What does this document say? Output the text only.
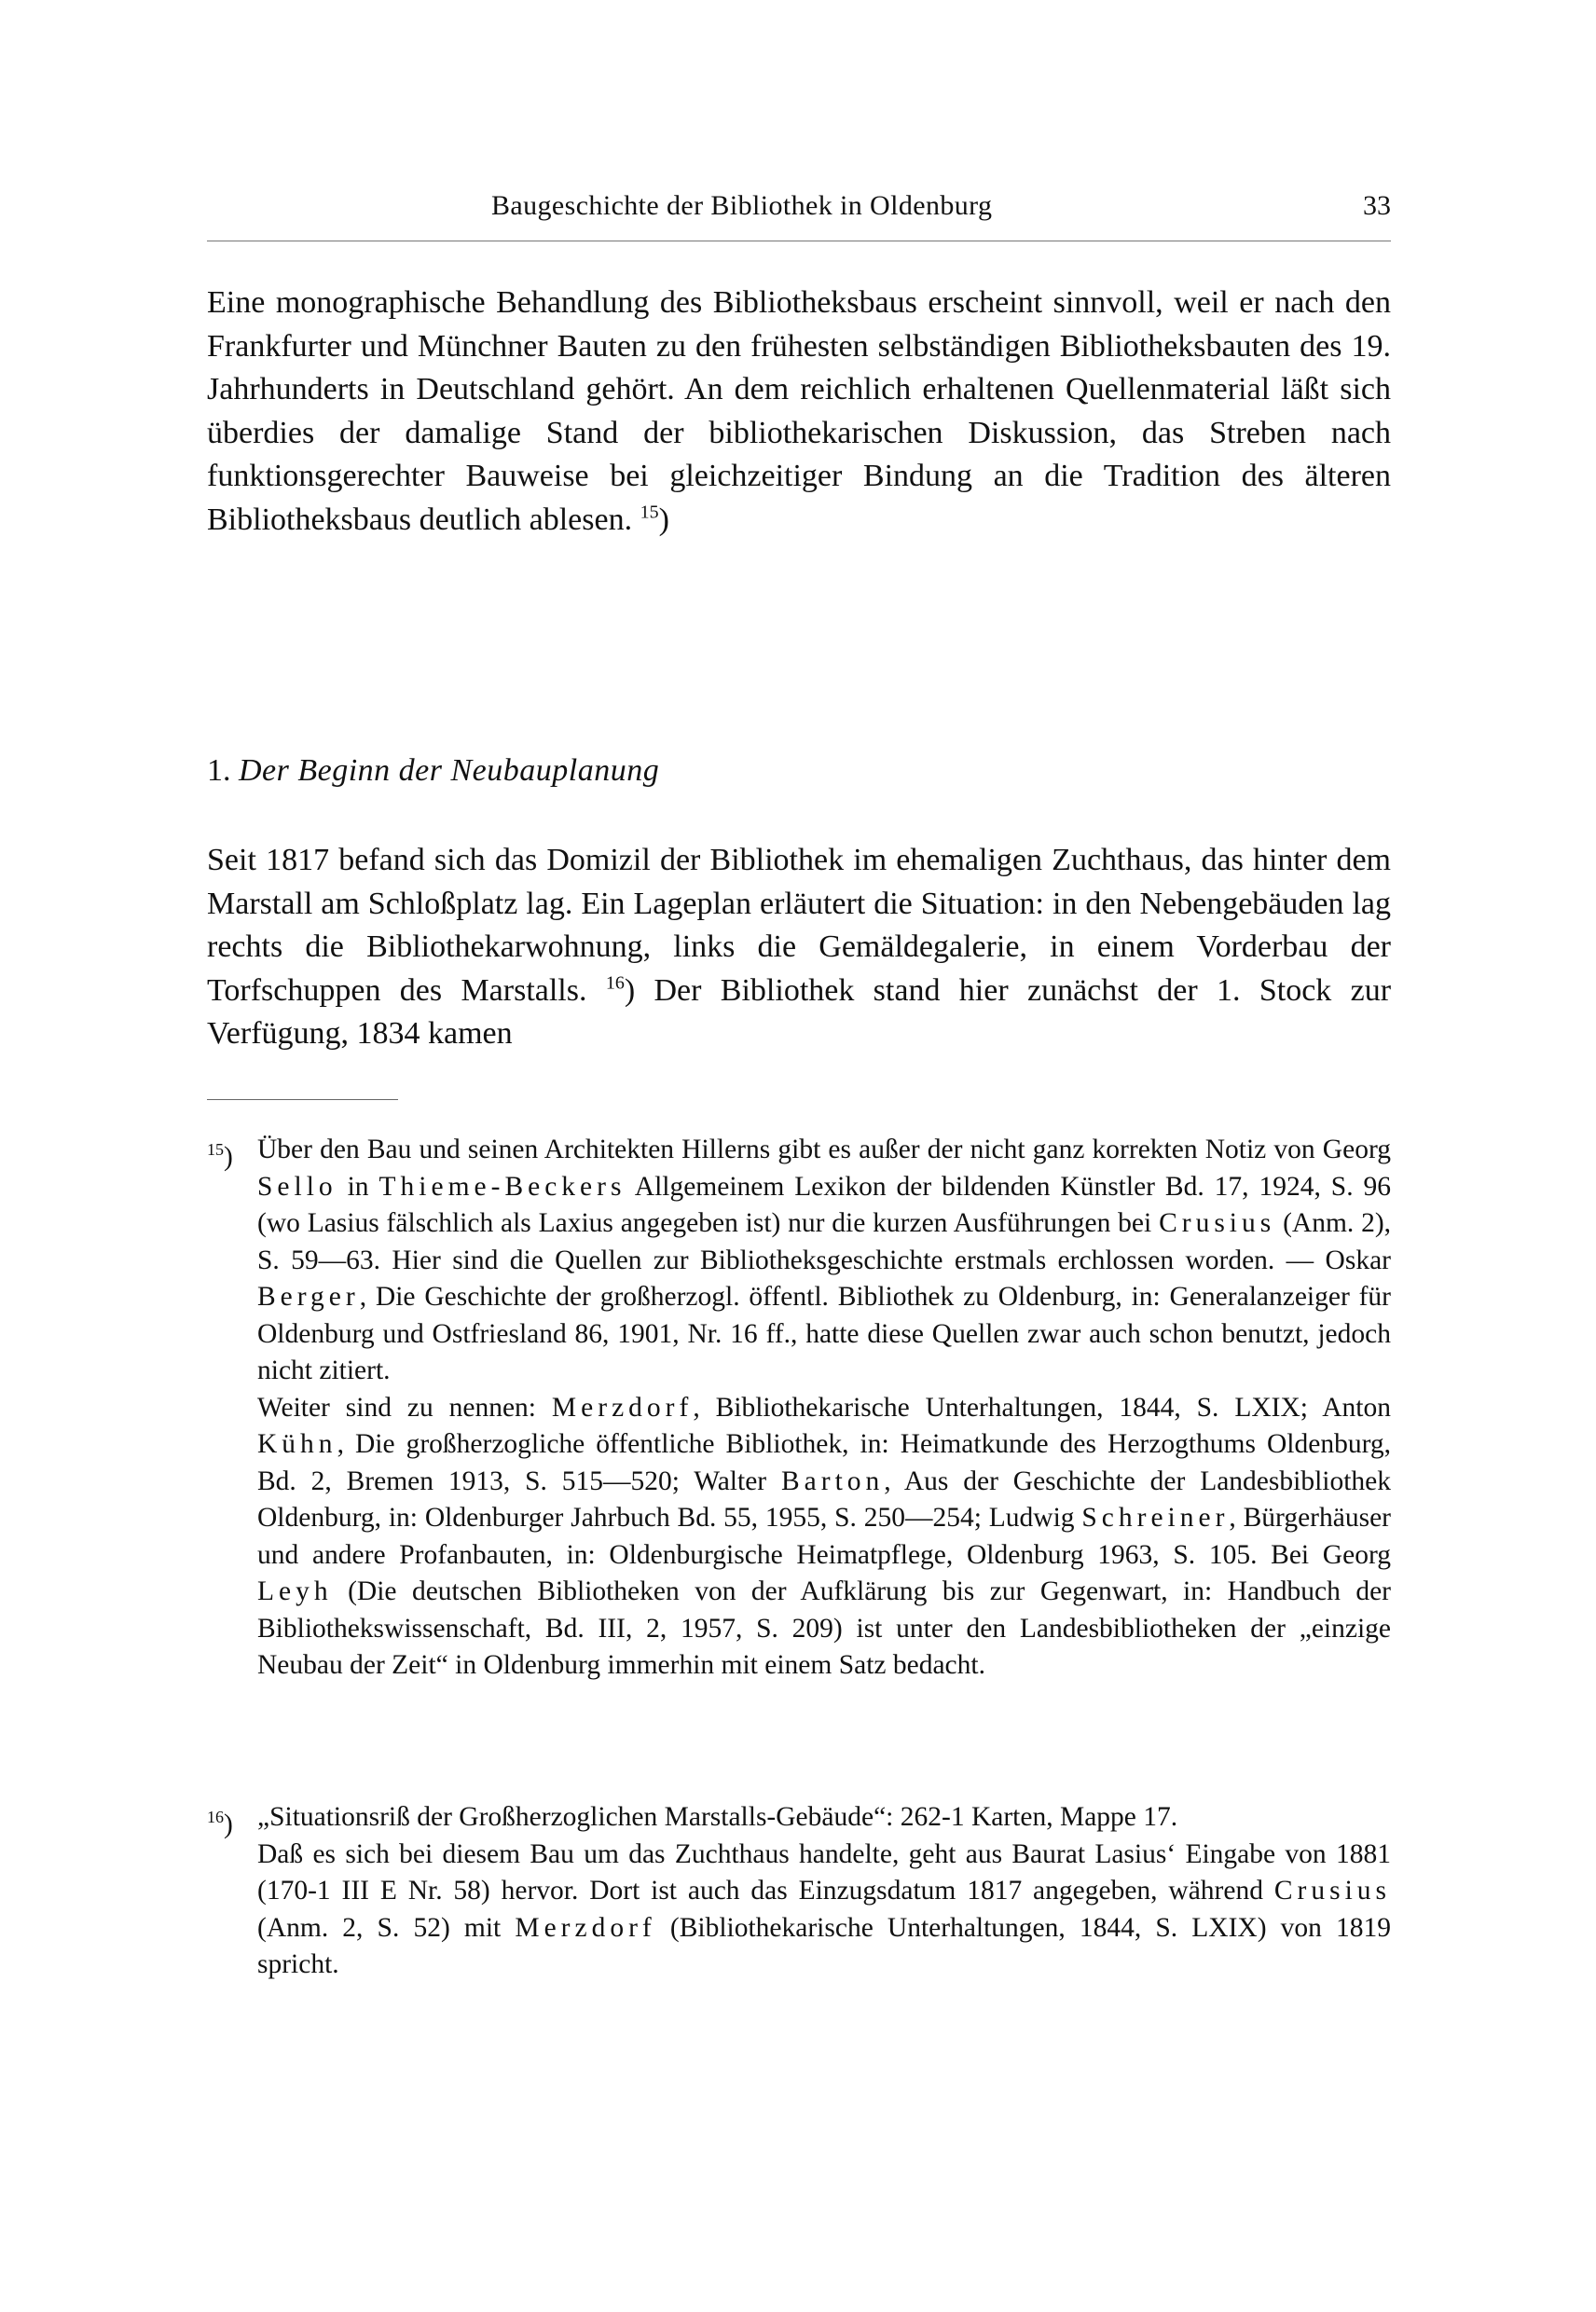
Baugeschichte der Bibliothek in Oldenburg	33

Eine monographische Behandlung des Bibliotheksbaus erscheint sinnvoll, weil er nach den Frankfurter und Münchner Bauten zu den frühesten selbständigen Bibliotheksbauten des 19. Jahrhunderts in Deutschland gehört. An dem reichlich erhaltenen Quellenmaterial läßt sich überdies der damalige Stand der bibliothekarischen Diskussion, das Streben nach funktionsgerechter Bauweise bei gleichzeitiger Bindung an die Tradition des älteren Bibliotheksbaus deutlich ablesen. $^{15}$)

1. Der Beginn der Neubauplanung

Seit 1817 befand sich das Domizil der Bibliothek im ehemaligen Zuchthaus, das hinter dem Marstall am Schloßplatz lag. Ein Lageplan erläutert die Situation: in den Nebengebäuden lag rechts die Bibliothekarwohnung, links die Gemäldegalerie, in einem Vorderbau der Torfschuppen des Marstalls. $^{16}$) Der Bibliothek stand hier zunächst der 1. Stock zur Verfügung, 1834 kamen

$^{15}$) Über den Bau und seinen Architekten Hillerns gibt es außer der nicht ganz korrekten Notiz von Georg Sello in Thieme-Beckers Allgemeinem Lexikon der bildenden Künstler Bd. 17, 1924, S. 96 (wo Lasius fälschlich als Laxius angegeben ist) nur die kurzen Ausführungen bei Crusius (Anm. 2), S. 59—63. Hier sind die Quellen zur Bibliotheksgeschichte erstmals erchlossen worden. — Oskar Berger, Die Geschichte der großherzogl. öffentl. Bibliothek zu Oldenburg, in: Generalanzeiger für Oldenburg und Ostfriesland 86, 1901, Nr. 16 ff., hatte diese Quellen zwar auch schon benutzt, jedoch nicht zitiert.
Weiter sind zu nennen: Merzdorf, Bibliothekarische Unterhaltungen, 1844, S. LXIX; Anton Kühn, Die großherzogliche öffentliche Bibliothek, in: Heimatkunde des Herzogthums Oldenburg, Bd. 2, Bremen 1913, S. 515—520; Walter Barton, Aus der Geschichte der Landesbibliothek Oldenburg, in: Oldenburger Jahrbuch Bd. 55, 1955, S. 250—254; Ludwig Schreiner, Bürgerhäuser und andere Profanbauten, in: Oldenburgische Heimatpflege, Oldenburg 1963, S. 105. Bei Georg Leyh (Die deutschen Bibliotheken von der Aufklärung bis zur Gegenwart, in: Handbuch der Bibliothekswissenschaft, Bd. III, 2, 1957, S. 209) ist unter den Landesbibliotheken der „einzige Neubau der Zeit“ in Oldenburg immerhin mit einem Satz bedacht.
$^{16}$) „Situationsriß der Großherzoglichen Marstalls-Gebäude“: 262-1 Karten, Mappe 17.
Daß es sich bei diesem Bau um das Zuchthaus handelte, geht aus Baurat Lasius‘ Eingabe von 1881 (170-1 III E Nr. 58) hervor. Dort ist auch das Einzugsdatum 1817 angegeben, während Crusius (Anm. 2, S. 52) mit Merzdorf (Bibliothekarische Unterhaltungen, 1844, S. LXIX) von 1819 spricht.
